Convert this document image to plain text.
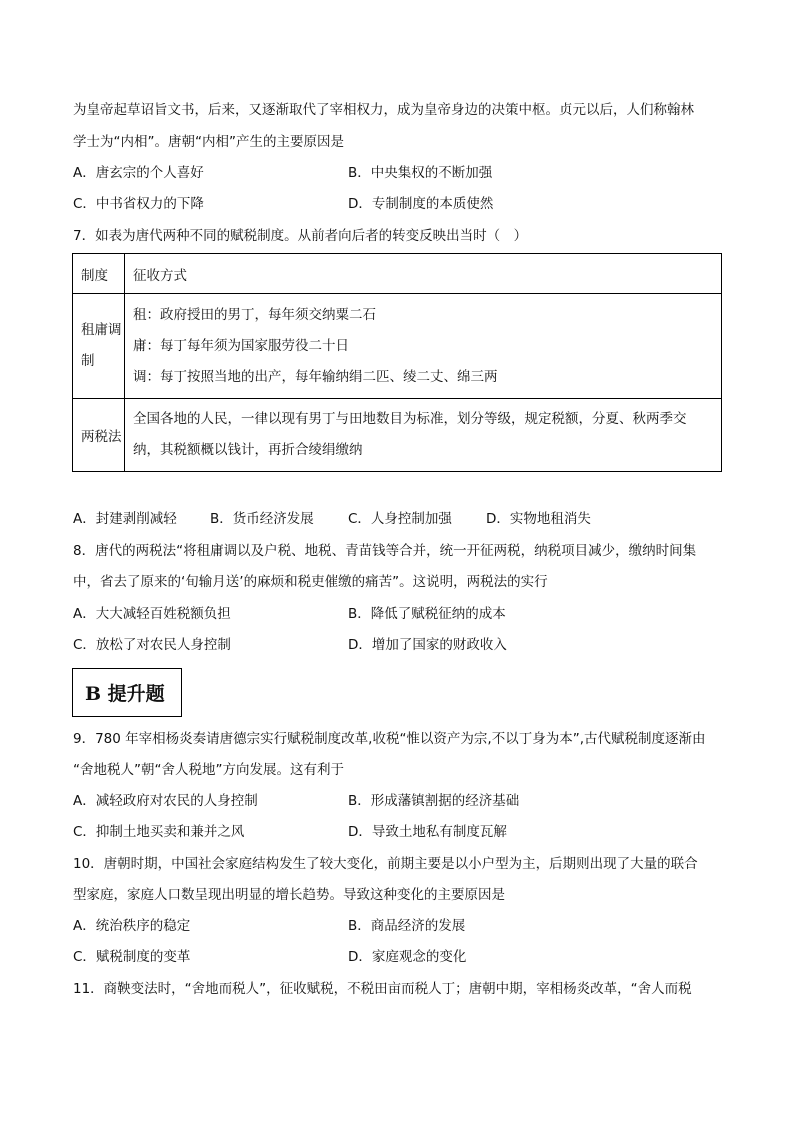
为皇帝起草诏旨文书，后来，又逐渐取代了宰相权力，成为皇帝身边的决策中枢。贞元以后，人们称翰林
学士为“内相”。唐朝“内相”产生的主要原因是
A．唐玄宗的个人喜好	B．中央集权的不断加强
C．中书省权力的下降	D．专制制度的本质使然
7．如表为唐代两种不同的赋税制度。从前者向后者的转变反映出当时（　）
制度	征收方式

租庸调制	租：政府授田的男丁，每年须交纳粟二石
庸：每丁每年须为国家服劳役二十日
调：每丁按照当地的出产，每年输纳绢二匹、绫二丈、绵三两

两税法	全国各地的人民，一律以现有男丁与田地数目为标准，划分等级，规定税额，分夏、秋两季交纳，其税额概以钱计，再折合绫绢缴纳
A．封建剥削减轻 B．货币经济发展	C．人身控制加强	D．实物地租消失
8．唐代的两税法“将租庸调以及户税、地税、青苗钱等合并，统一开征两税，纳税项目减少，缴纳时间集
中，省去了原来的‘旬输月送’的麻烦和税吏催缴的痛苦”。这说明，两税法的实行
A．大大减轻百姓税额负担	B．降低了赋税征纳的成本
C．放松了对农民人身控制	D．增加了国家的财政收入
B 提升题
9．780 年宰相杨炎奏请唐德宗实行赋税制度改革,收税“惟以资产为宗,不以丁身为本”,古代赋税制度逐渐由
“舍地税人”朝“舍人税地”方向发展。这有利于
A．减轻政府对农民的人身控制	B．形成藩镇割据的经济基础
C．抑制土地买卖和兼并之风	D．导致土地私有制度瓦解
10．唐朝时期，中国社会家庭结构发生了较大变化，前期主要是以小户型为主，后期则出现了大量的联合
型家庭，家庭人口数呈现出明显的增长趋势。导致这种变化的主要原因是
A．统治秩序的稳定	B．商品经济的发展
C．赋税制度的变革	D．家庭观念的变化
11．商鞅变法时，“舍地而税人”，征收赋税，不税田亩而税人丁；唐朝中期，宰相杨炎改革，“舍人而税
